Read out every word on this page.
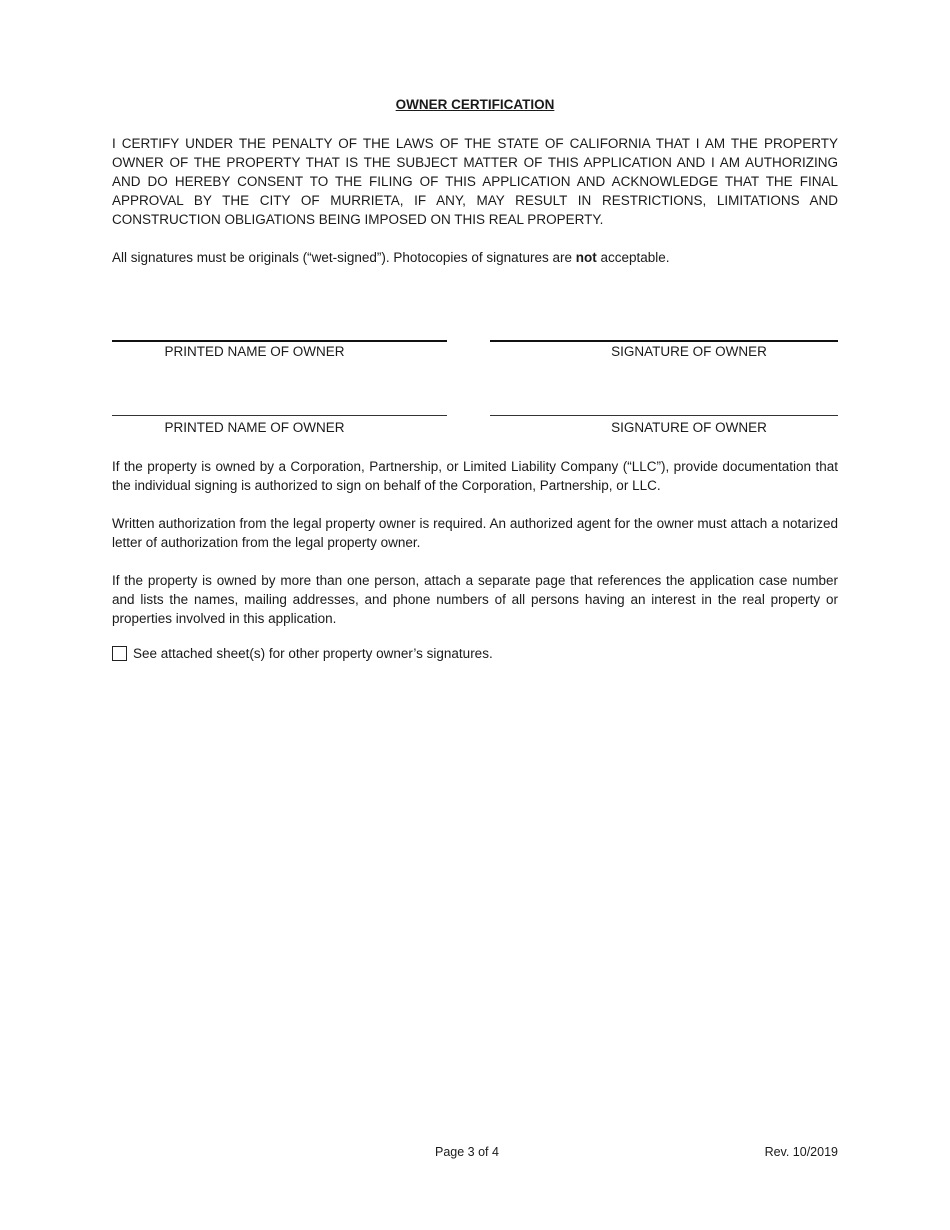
OWNER CERTIFICATION

I CERTIFY UNDER THE PENALTY OF THE LAWS OF THE STATE OF CALIFORNIA THAT I AM THE PROPERTY OWNER OF THE PROPERTY THAT IS THE SUBJECT MATTER OF THIS APPLICATION AND I AM AUTHORIZING AND DO HEREBY CONSENT TO THE FILING OF THIS APPLICATION AND ACKNOWLEDGE THAT THE FINAL APPROVAL BY THE CITY OF MURRIETA, IF ANY, MAY RESULT IN RESTRICTIONS, LIMITATIONS AND CONSTRUCTION OBLIGATIONS BEING IMPOSED ON THIS REAL PROPERTY.

All signatures must be originals (“wet-signed”). Photocopies of signatures are not acceptable.

PRINTED NAME OF OWNER	SIGNATURE OF OWNER
PRINTED NAME OF OWNER	SIGNATURE OF OWNER

If the property is owned by a Corporation, Partnership, or Limited Liability Company (“LLC”), provide documentation that the individual signing is authorized to sign on behalf of the Corporation, Partnership, or LLC.

Written authorization from the legal property owner is required. An authorized agent for the owner must attach a notarized letter of authorization from the legal property owner.

If the property is owned by more than one person, attach a separate page that references the application case number and lists the names, mailing addresses, and phone numbers of all persons having an interest in the real property or properties involved in this application.

See attached sheet(s) for other property owner’s signatures.
Page 3 of 4	Rev. 10/2019
